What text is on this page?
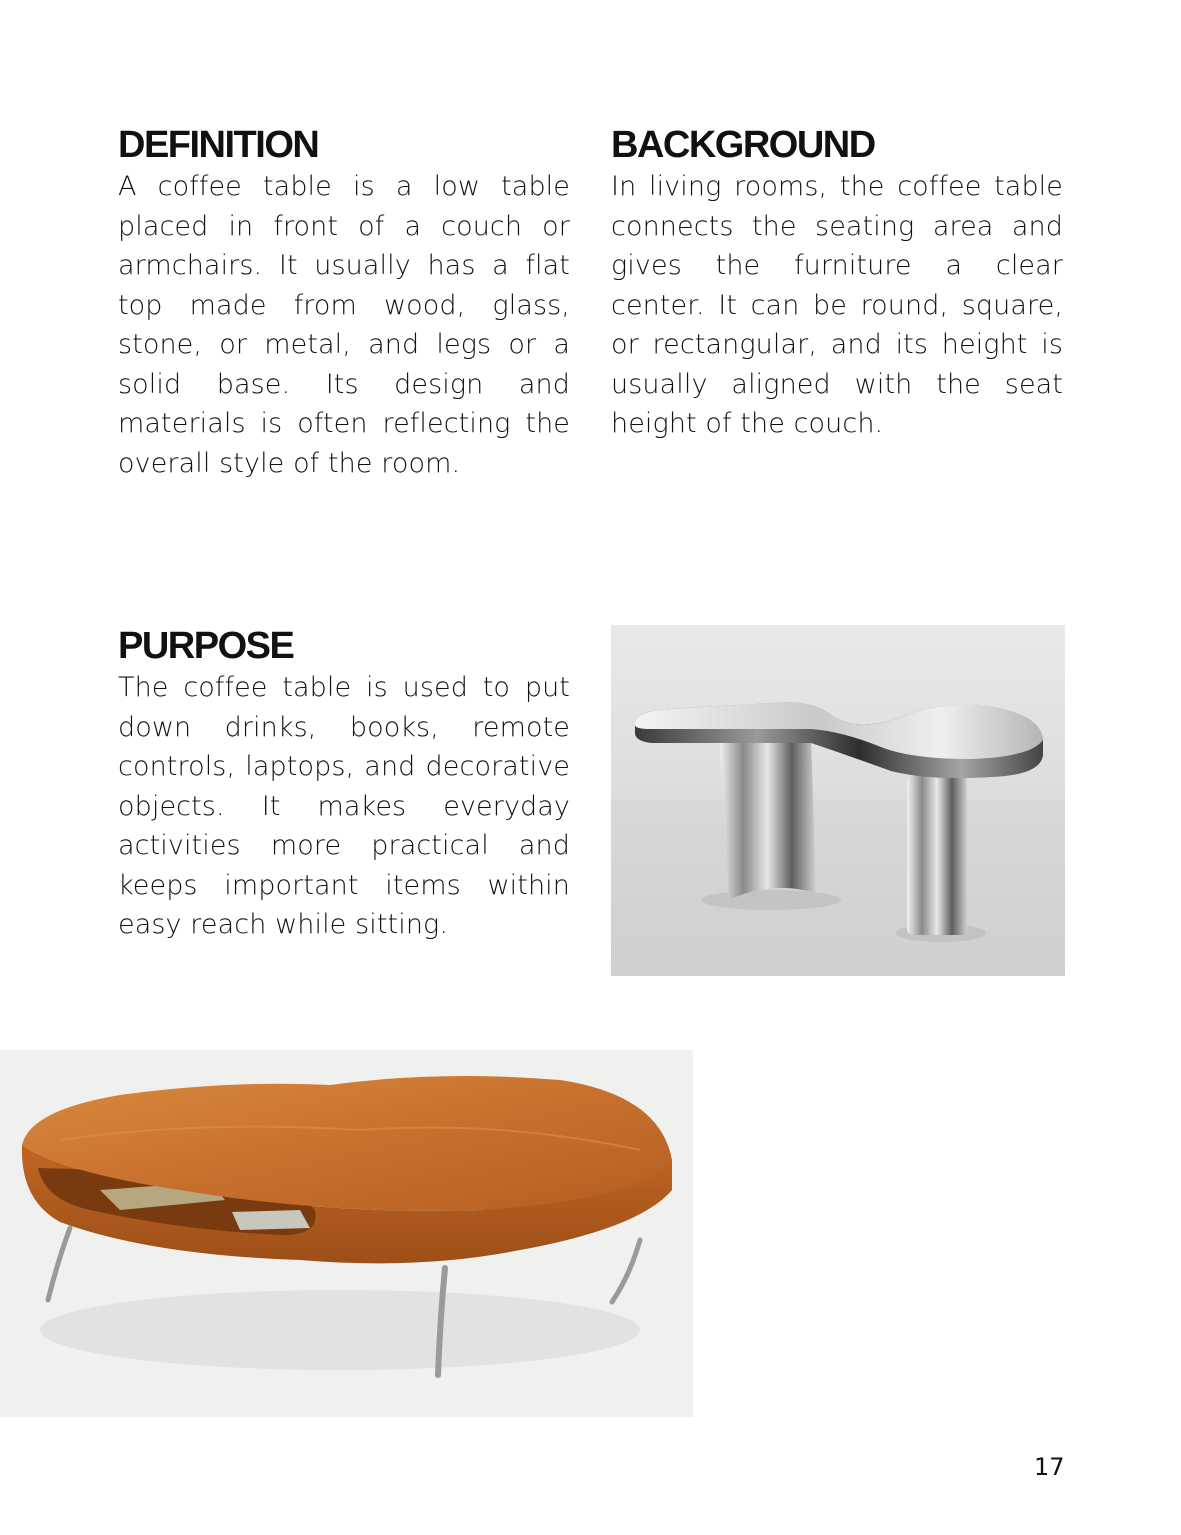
DEFINITION

A coffee table is a low table placed in front of a couch or armchairs. It usually has a flat top made from wood, glass, stone, or metal, and legs or a solid base. Its design and materials is often reflecting the overall style of the room.

BACKGROUND

In living rooms, the coffee table connects the seating area and gives the furniture a clear center. It can be round, square, or rectangular, and its height is usually aligned with the seat height of the couch.

PURPOSE

The coffee table is used to put down drinks, books, remote controls, laptops, and decorative objects. It makes everyday activities more practical and keeps important items within easy reach while sitting.

17
